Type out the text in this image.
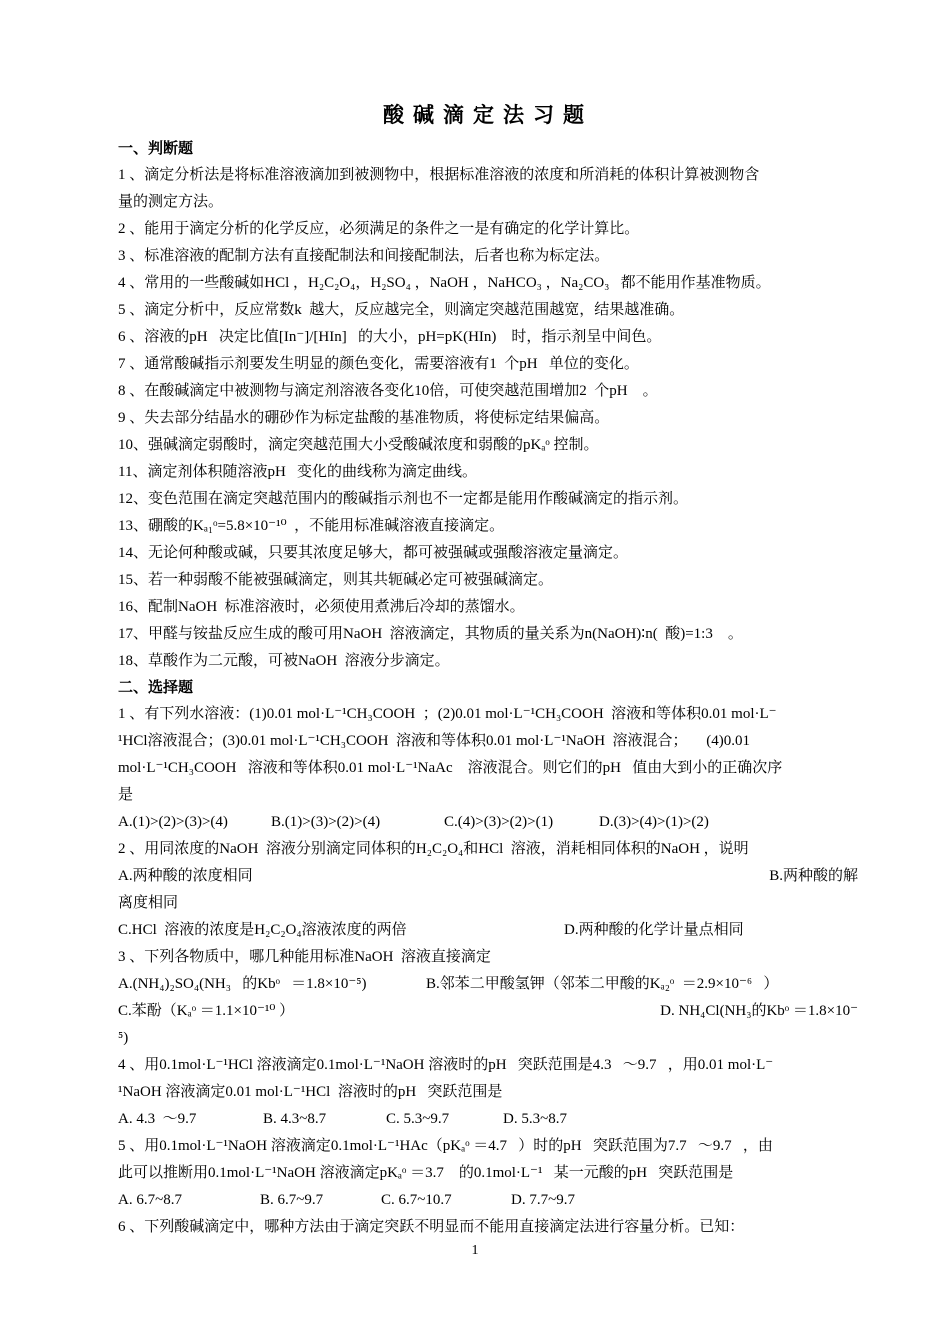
酸碱滴定法习题
一、判断题
1 、滴定分析法是将标准溶液滴加到被测物中，根据标准溶液的浓度和所消耗的体积计算被测物含
量的测定方法。
2 、能用于滴定分析的化学反应，必须满足的条件之一是有确定的化学计算比。
3 、标准溶液的配制方法有直接配制法和间接配制法，后者也称为标定法。
4 、常用的一些酸碱如HCl ，H₂C₂O₄，H₂SO₄ ，NaOH ，NaHCO₃ ，Na₂CO₃   都不能用作基准物质。
5 、滴定分析中，反应常数k  越大，反应越完全，则滴定突越范围越宽，结果越准确。
6 、溶液的pH   决定比值[In⁻]/[HIn]   的大小，pH=pK(HIn)    时，指示剂呈中间色。
7 、通常酸碱指示剂要发生明显的颜色变化，需要溶液有1  个pH   单位的变化。
8 、在酸碱滴定中被测物与滴定剂溶液各变化10倍，可使突越范围增加2  个pH    。
9 、失去部分结晶水的硼砂作为标定盐酸的基准物质，将使标定结果偏高。
10、强碱滴定弱酸时，滴定突越范围大小受酸碱浓度和弱酸的pKₐᵒ 控制。
11、滴定剂体积随溶液pH   变化的曲线称为滴定曲线。
12、变色范围在滴定突越范围内的酸碱指示剂也不一定都是能用作酸碱滴定的指示剂。
13、硼酸的Kₐ₁ᵒ=5.8×10⁻¹⁰  ，不能用标准碱溶液直接滴定。
14、无论何种酸或碱，只要其浓度足够大，都可被强碱或强酸溶液定量滴定。
15、若一种弱酸不能被强碱滴定，则其共轭碱必定可被强碱滴定。
16、配制NaOH  标准溶液时，必须使用煮沸后冷却的蒸馏水。
17、甲醛与铵盐反应生成的酸可用NaOH  溶液滴定，其物质的量关系为n(NaOH)∶n(  酸)=1:3    。
18、草酸作为二元酸，可被NaOH  溶液分步滴定。
二、选择题
1 、有下列水溶液：(1)0.01 mol·L⁻¹CH₃COOH  ；(2)0.01 mol·L⁻¹CH₃COOH  溶液和等体积0.01 mol·L⁻
¹HCl溶液混合；(3)0.01 mol·L⁻¹CH₃COOH  溶液和等体积0.01 mol·L⁻¹NaOH  溶液混合；     (4)0.01
mol·L⁻¹CH₃COOH   溶液和等体积0.01 mol·L⁻¹NaAc    溶液混合。则它们的pH   值由大到小的正确次序
是
A.(1)>(2)>(3)>(4)	B.(1)>(3)>(2)>(4)	C.(4)>(3)>(2)>(1)	D.(3)>(4)>(1)>(2)
2 、用同浓度的NaOH  溶液分别滴定同体积的H₂C₂O₄和HCl  溶液，消耗相同体积的NaOH ，说明
A.两种酸的浓度相同	B.两种酸的解
离度相同
C.HCl  溶液的浓度是H₂C₂O₄溶液浓度的两倍	D.两种酸的化学计量点相同
3 、下列各物质中，哪几种能用标准NaOH  溶液直接滴定
A.(NH₄)₂SO₄(NH₃   的Kbᵒ   ＝1.8×10⁻⁵)	B.邻苯二甲酸氢钾（邻苯二甲酸的Kₐ₂ᵒ  ＝2.9×10⁻⁶   ）
C.苯酚（Kₐᵒ ＝1.1×10⁻¹⁰ ）	D. NH₄Cl(NH₃的Kbᵒ ＝1.8×10⁻
⁵)
4 、用0.1mol·L⁻¹HCl 溶液滴定0.1mol·L⁻¹NaOH 溶液时的pH   突跃范围是4.3   ～9.7   ，用0.01 mol·L⁻
¹NaOH 溶液滴定0.01 mol·L⁻¹HCl  溶液时的pH   突跃范围是
A. 4.3  ～9.7	B. 4.3~8.7	C. 5.3~9.7	D. 5.3~8.7
5 、用0.1mol·L⁻¹NaOH 溶液滴定0.1mol·L⁻¹HAc（pKₐᵒ ＝4.7   ）时的pH   突跃范围为7.7   ～9.7   ，由
此可以推断用0.1mol·L⁻¹NaOH 溶液滴定pKₐᵒ ＝3.7    的0.1mol·L⁻¹   某一元酸的pH   突跃范围是
A. 6.7~8.7	B. 6.7~9.7	C. 6.7~10.7	D. 7.7~9.7
6 、下列酸碱滴定中，哪种方法由于滴定突跃不明显而不能用直接滴定法进行容量分析。已知：
1
